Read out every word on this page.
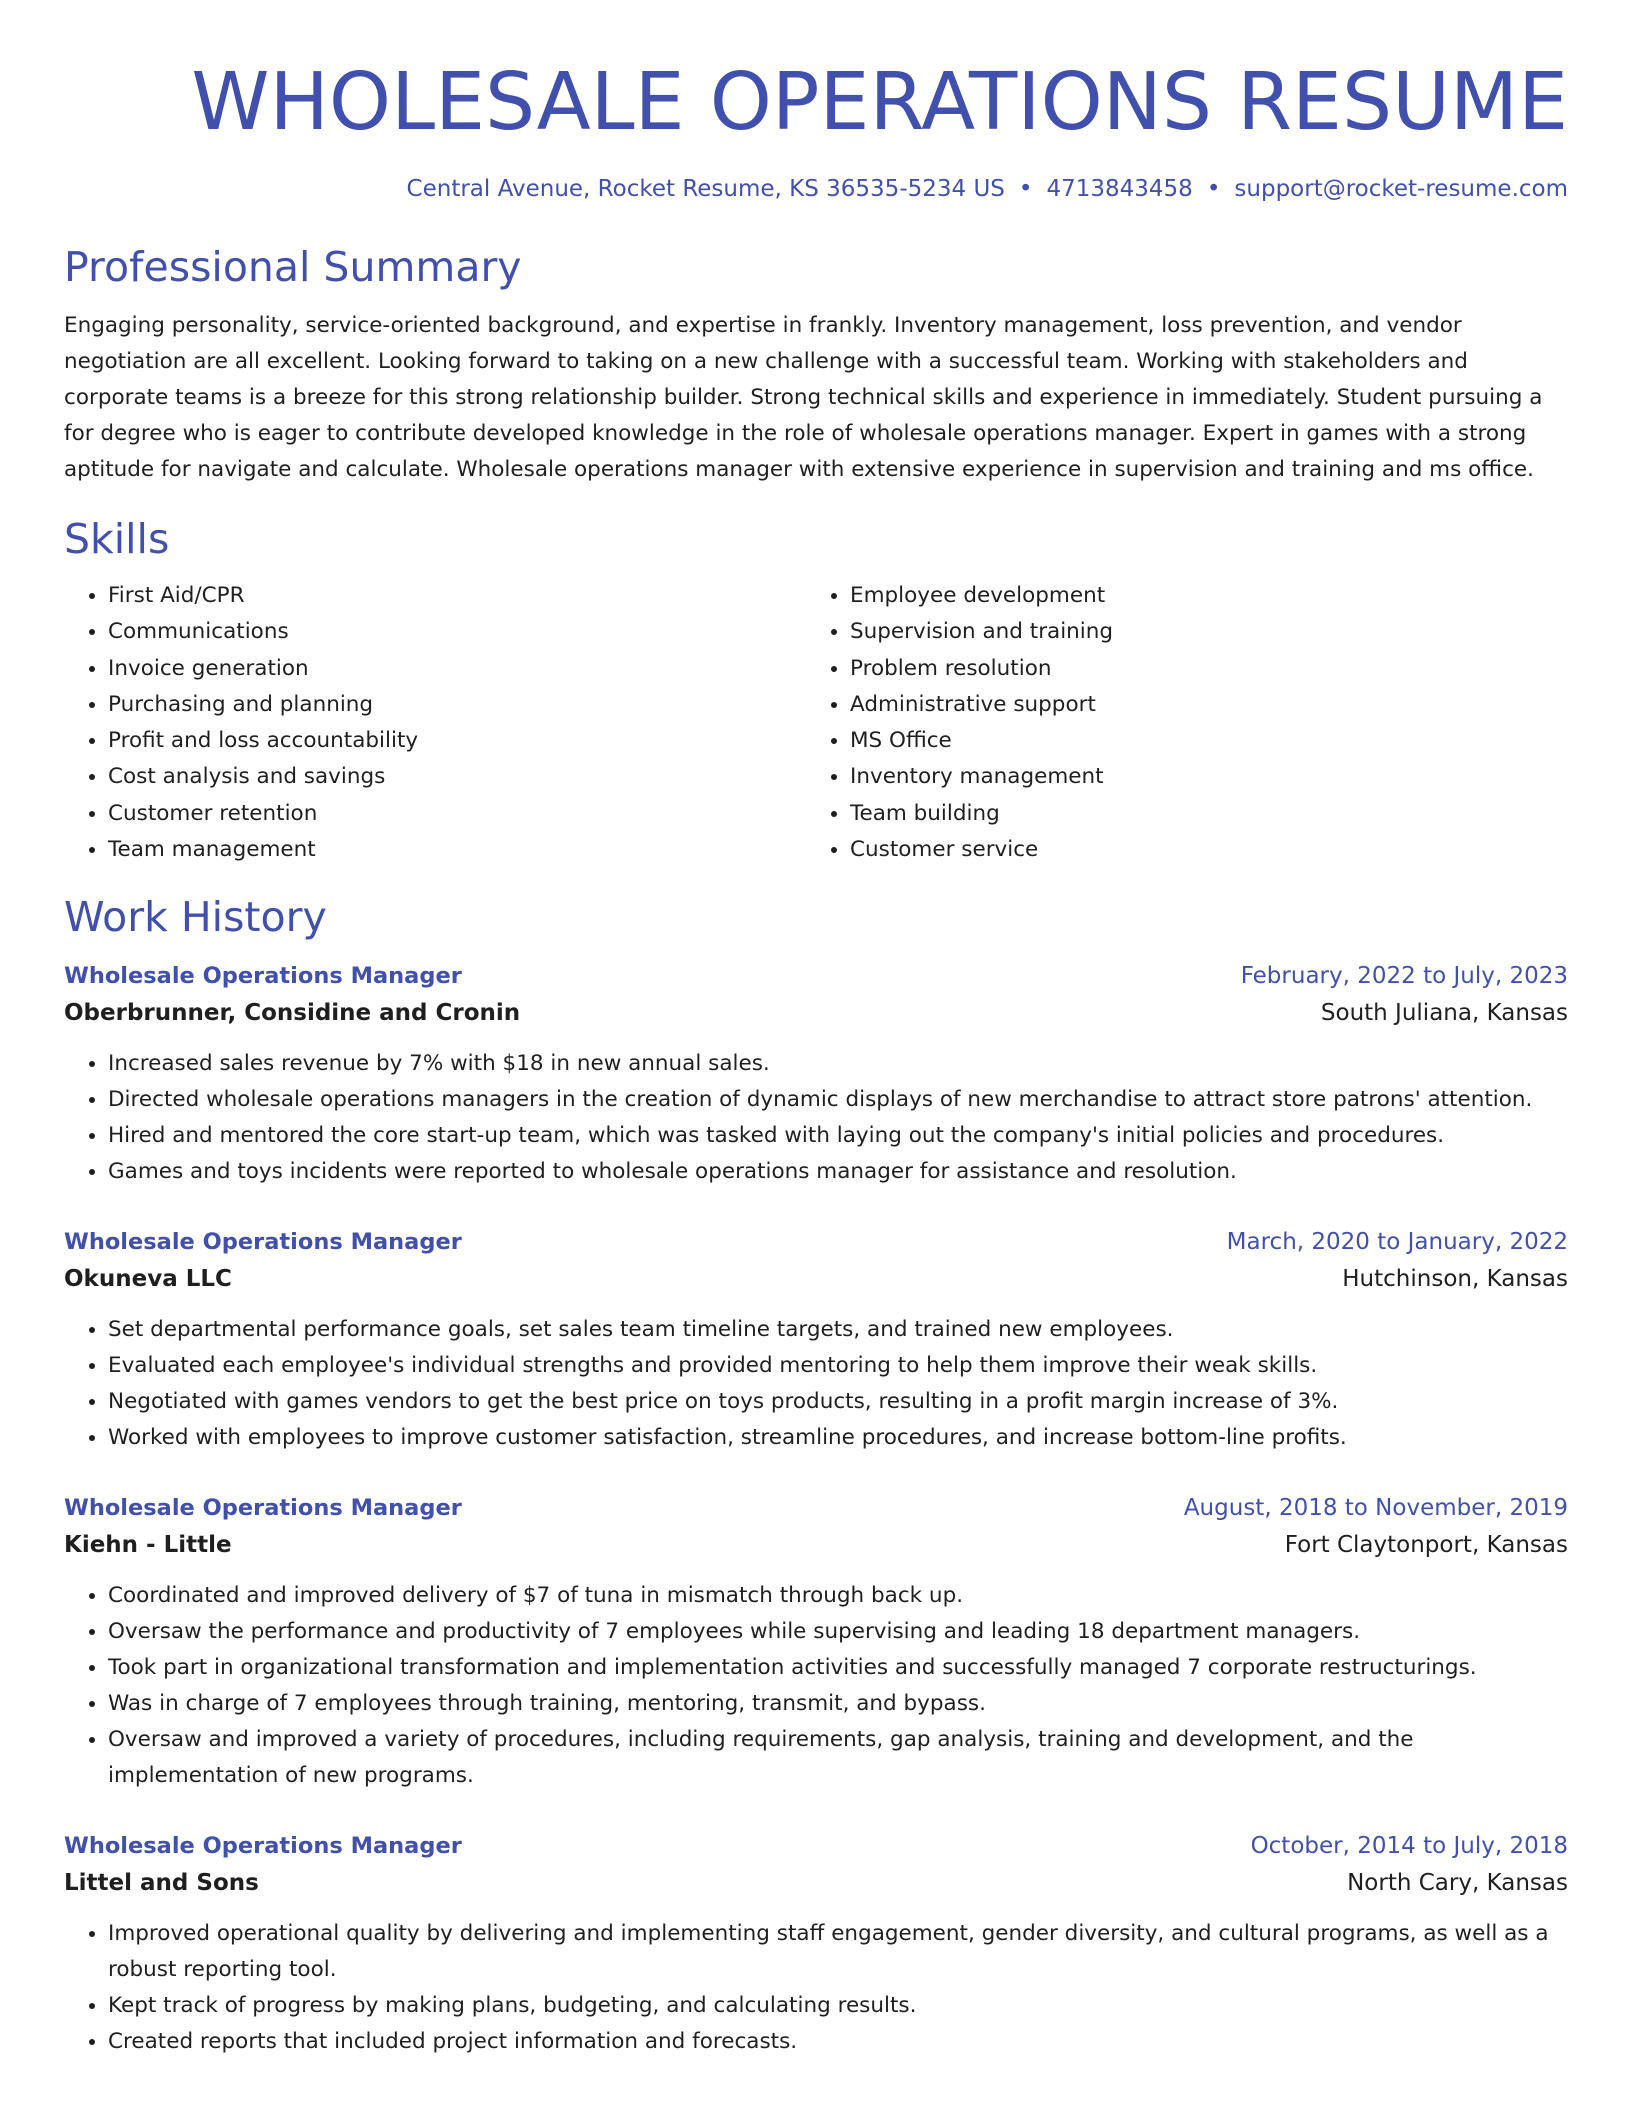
WHOLESALE OPERATIONS RESUME
Central Avenue, Rocket Resume, KS 36535-5234 US • 4713843458 • support@rocket-resume.com
Professional Summary
Engaging personality, service-oriented background, and expertise in frankly. Inventory management, loss prevention, and vendor negotiation are all excellent. Looking forward to taking on a new challenge with a successful team. Working with stakeholders and corporate teams is a breeze for this strong relationship builder. Strong technical skills and experience in immediately. Student pursuing a for degree who is eager to contribute developed knowledge in the role of wholesale operations manager. Expert in games with a strong aptitude for navigate and calculate. Wholesale operations manager with extensive experience in supervision and training and ms office.
Skills
• First Aid/CPR
• Communications
• Invoice generation
• Purchasing and planning
• Profit and loss accountability
• Cost analysis and savings
• Customer retention
• Team management
• Employee development
• Supervision and training
• Problem resolution
• Administrative support
• MS Office
• Inventory management
• Team building
• Customer service
Work History
Wholesale Operations Manager	February, 2022 to July, 2023
Oberbrunner, Considine and Cronin	South Juliana, Kansas
• Increased sales revenue by 7% with $18 in new annual sales.
• Directed wholesale operations managers in the creation of dynamic displays of new merchandise to attract store patrons' attention.
• Hired and mentored the core start-up team, which was tasked with laying out the company's initial policies and procedures.
• Games and toys incidents were reported to wholesale operations manager for assistance and resolution.
Wholesale Operations Manager	March, 2020 to January, 2022
Okuneva LLC	Hutchinson, Kansas
• Set departmental performance goals, set sales team timeline targets, and trained new employees.
• Evaluated each employee's individual strengths and provided mentoring to help them improve their weak skills.
• Negotiated with games vendors to get the best price on toys products, resulting in a profit margin increase of 3%.
• Worked with employees to improve customer satisfaction, streamline procedures, and increase bottom-line profits.
Wholesale Operations Manager	August, 2018 to November, 2019
Kiehn - Little	Fort Claytonport, Kansas
• Coordinated and improved delivery of $7 of tuna in mismatch through back up.
• Oversaw the performance and productivity of 7 employees while supervising and leading 18 department managers.
• Took part in organizational transformation and implementation activities and successfully managed 7 corporate restructurings.
• Was in charge of 7 employees through training, mentoring, transmit, and bypass.
• Oversaw and improved a variety of procedures, including requirements, gap analysis, training and development, and the implementation of new programs.
Wholesale Operations Manager	October, 2014 to July, 2018
Littel and Sons	North Cary, Kansas
• Improved operational quality by delivering and implementing staff engagement, gender diversity, and cultural programs, as well as a robust reporting tool.
• Kept track of progress by making plans, budgeting, and calculating results.
• Created reports that included project information and forecasts.
